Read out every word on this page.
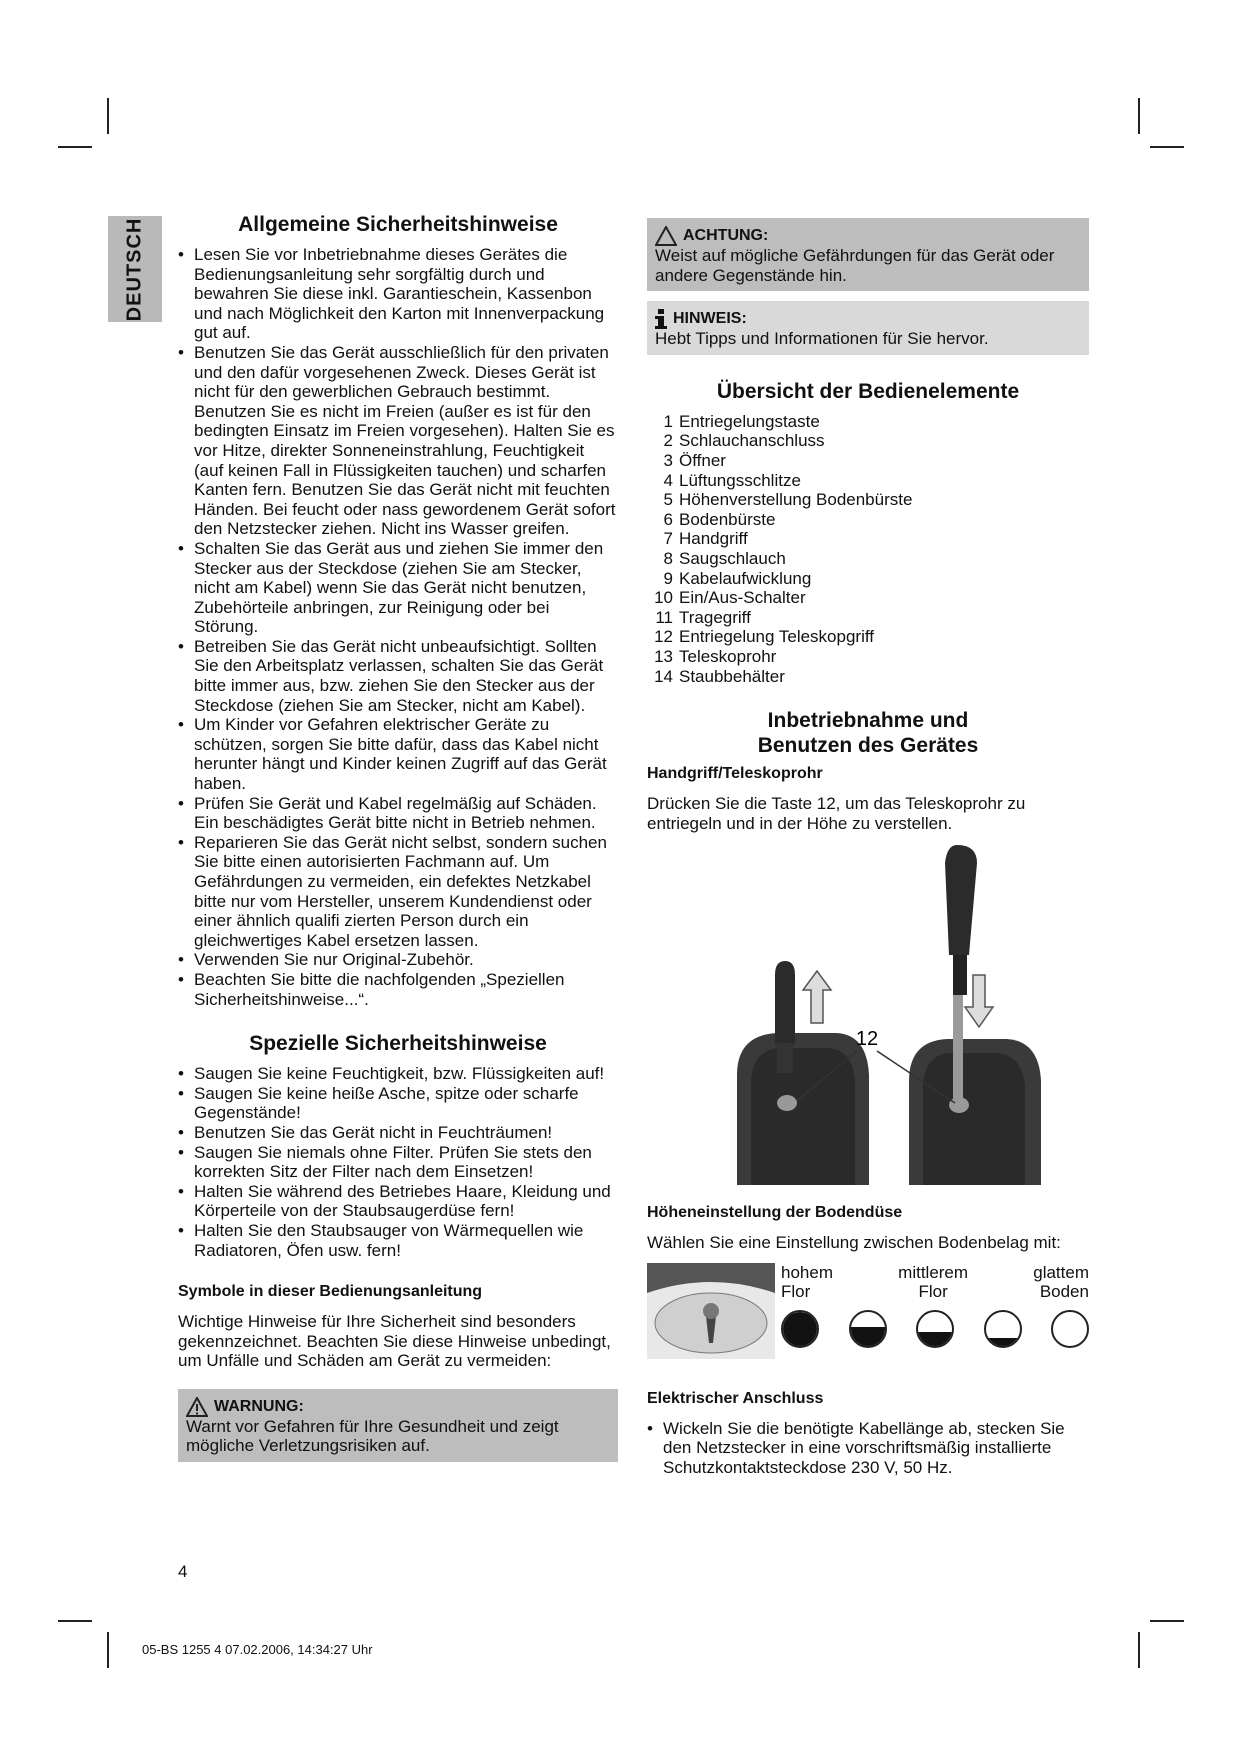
DEUTSCH	Allgemeine Sicherheitshinweise
• Lesen Sie vor Inbetriebnahme dieses Gerätes die Bedienungsanleitung sehr sorgfältig durch und bewahren Sie diese inkl. Garantieschein, Kassenbon und nach Möglichkeit den Karton mit Innenverpackung gut auf.
• Benutzen Sie das Gerät ausschließlich für den privaten und den dafür vorgesehenen Zweck. Dieses Gerät ist nicht für den gewerblichen Gebrauch bestimmt. Benutzen Sie es nicht im Freien (außer es ist für den bedingten Einsatz im Freien vorgesehen). Halten Sie es vor Hitze, direkter Sonneneinstrahlung, Feuchtigkeit (auf keinen Fall in Flüssigkeiten tauchen) und scharfen Kanten fern. Benutzen Sie das Gerät nicht mit feuchten Händen. Bei feucht oder nass gewordenem Gerät sofort den Netzstecker ziehen. Nicht ins Wasser greifen.
• Schalten Sie das Gerät aus und ziehen Sie immer den Stecker aus der Steckdose (ziehen Sie am Stecker, nicht am Kabel) wenn Sie das Gerät nicht benutzen, Zubehörteile anbringen, zur Reinigung oder bei Störung.
• Betreiben Sie das Gerät nicht unbeaufsichtigt. Sollten Sie den Arbeitsplatz verlassen, schalten Sie das Gerät bitte immer aus, bzw. ziehen Sie den Stecker aus der Steckdose (ziehen Sie am Stecker, nicht am Kabel).
• Um Kinder vor Gefahren elektrischer Geräte zu schützen, sorgen Sie bitte dafür, dass das Kabel nicht herunter hängt und Kinder keinen Zugriff auf das Gerät haben.
• Prüfen Sie Gerät und Kabel regelmäßig auf Schäden. Ein beschädigtes Gerät bitte nicht in Betrieb nehmen.
• Reparieren Sie das Gerät nicht selbst, sondern suchen Sie bitte einen autorisierten Fachmann auf. Um Gefährdungen zu vermeiden, ein defektes Netzkabel bitte nur vom Hersteller, unserem Kundendienst oder einer ähnlich qualifi zierten Person durch ein gleichwertiges Kabel ersetzen lassen.
• Verwenden Sie nur Original-Zubehör.
• Beachten Sie bitte die nachfolgenden „Speziellen Sicherheitshinweise...“.
Spezielle Sicherheitshinweise
• Saugen Sie keine Feuchtigkeit, bzw. Flüssigkeiten auf!
• Saugen Sie keine heiße Asche, spitze oder scharfe Gegenstände!
• Benutzen Sie das Gerät nicht in Feuchträumen!
• Saugen Sie niemals ohne Filter. Prüfen Sie stets den korrekten Sitz der Filter nach dem Einsetzen!
• Halten Sie während des Betriebes Haare, Kleidung und Körperteile von der Staubsaugerdüse fern!
• Halten Sie den Staubsauger von Wärmequellen wie Radiatoren, Öfen usw. fern!
Symbole in dieser Bedienungsanleitung

Wichtige Hinweise für Ihre Sicherheit sind besonders gekennzeichnet. Beachten Sie diese Hinweise unbedingt, um Unfälle und Schäden am Gerät zu vermeiden:

WARNUNG:

Warnt vor Gefahren für Ihre Gesundheit und zeigt mögliche Verletzungsrisiken auf.

ACHTUNG:

Weist auf mögliche Gefährdungen für das Gerät oder andere Gegenstände hin.

HINWEIS:

Hebt Tipps und Informationen für Sie hervor.

Übersicht der Bedienelemente
1 Entriegelungstaste
2 Schlauchanschluss
3 Öffner
4 Lüftungsschlitze
5 Höhenverstellung Bodenbürste
6 Bodenbürste
7 Handgriff
8 Saugschlauch
9 Kabelaufwicklung
10 Ein/Aus-Schalter
11 Tragegriff
12 Entriegelung Teleskopgriff
13 Teleskoprohr
14 Staubbehälter
Inbetriebnahme und
Benutzen des Gerätes
Handgriff/Teleskoprohr

Drücken Sie die Taste 12, um das Teleskoprohr zu entriegeln und in der Höhe zu verstellen.

12
Höheneinstellung der Bodendüse

Wählen Sie eine Einstellung zwischen Bodenbelag mit:

hohem
Flor
mittlerem
Flor
glattem
Boden
Elektrischer Anschluss
• Wickeln Sie die benötigte Kabellänge ab, stecken Sie den Netzstecker in eine vorschriftsmäßig installierte Schutzkontaktsteckdose 230 V, 50 Hz.
4
05-BS 1255 4 07.02.2006, 14:34:27 Uhr
